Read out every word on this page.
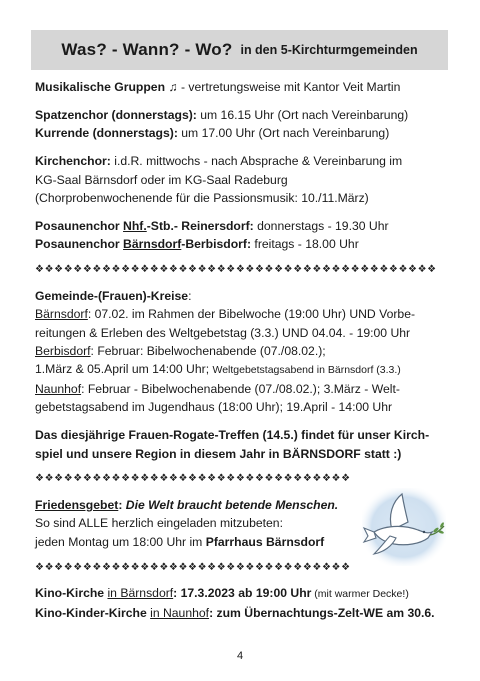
Was? - Wann? - Wo? in den 5-Kirchturmgemeinden
Musikalische Gruppen ♫ - vertretungsweise mit Kantor Veit Martin
Spatzenchor (donnerstags): um 16.15 Uhr (Ort nach Vereinbarung)
Kurrende (donnerstags): um 17.00 Uhr (Ort nach Vereinbarung)
Kirchenchor: i.d.R. mittwochs - nach Absprache & Vereinbarung im
KG-Saal Bärnsdorf oder im KG-Saal Radeburg
(Chorprobenwochenende für die Passionsmusik: 10./11.März)
Posaunenchor Nhf.-Stb.- Reinersdorf: donnerstags - 19.30 Uhr
Posaunenchor Bärnsdorf-Berbisdorf: freitags - 18.00 Uhr
❖❖❖❖❖❖❖❖❖❖❖❖❖❖❖❖❖❖❖❖❖❖❖❖❖❖❖❖❖❖❖❖❖❖❖❖❖❖❖❖❖❖
Gemeinde-(Frauen)-Kreise:
Bärnsdorf: 07.02. im Rahmen der Bibelwoche (19:00 Uhr) UND Vorbe-
reitungen & Erleben des Weltgebetstag (3.3.) UND 04.04. - 19:00 Uhr
Berbisdorf: Februar: Bibelwochenabende (07./08.02.);
1.März & 05.April um 14:00 Uhr; Weltgebetstagsabend in Bärnsdorf (3.3.)
Naunhof: Februar - Bibelwochenabende (07./08.02.); 3.März - Welt-
gebetstagsabend im Jugendhaus (18:00 Uhr); 19.April - 14:00 Uhr
Das diesjährige Frauen-Rogate-Treffen (14.5.) findet für unser Kirch-
spiel und unsere Region in diesem Jahr in BÄRNSDORF statt :)
❖❖❖❖❖❖❖❖❖❖❖❖❖❖❖❖❖❖❖❖❖❖❖❖❖❖❖❖❖❖❖❖❖
Friedensgebet: Die Welt braucht betende Menschen.
So sind ALLE herzlich eingeladen mitzubeten:
jeden Montag um 18:00 Uhr im Pfarrhaus Bärnsdorf
❖❖❖❖❖❖❖❖❖❖❖❖❖❖❖❖❖❖❖❖❖❖❖❖❖❖❖❖❖❖❖❖❖
Kino-Kirche in Bärnsdorf: 17.3.2023 ab 19:00 Uhr (mit warmer Decke!)
Kino-Kinder-Kirche in Naunhof: zum Übernachtungs-Zelt-WE am 30.6.
4
